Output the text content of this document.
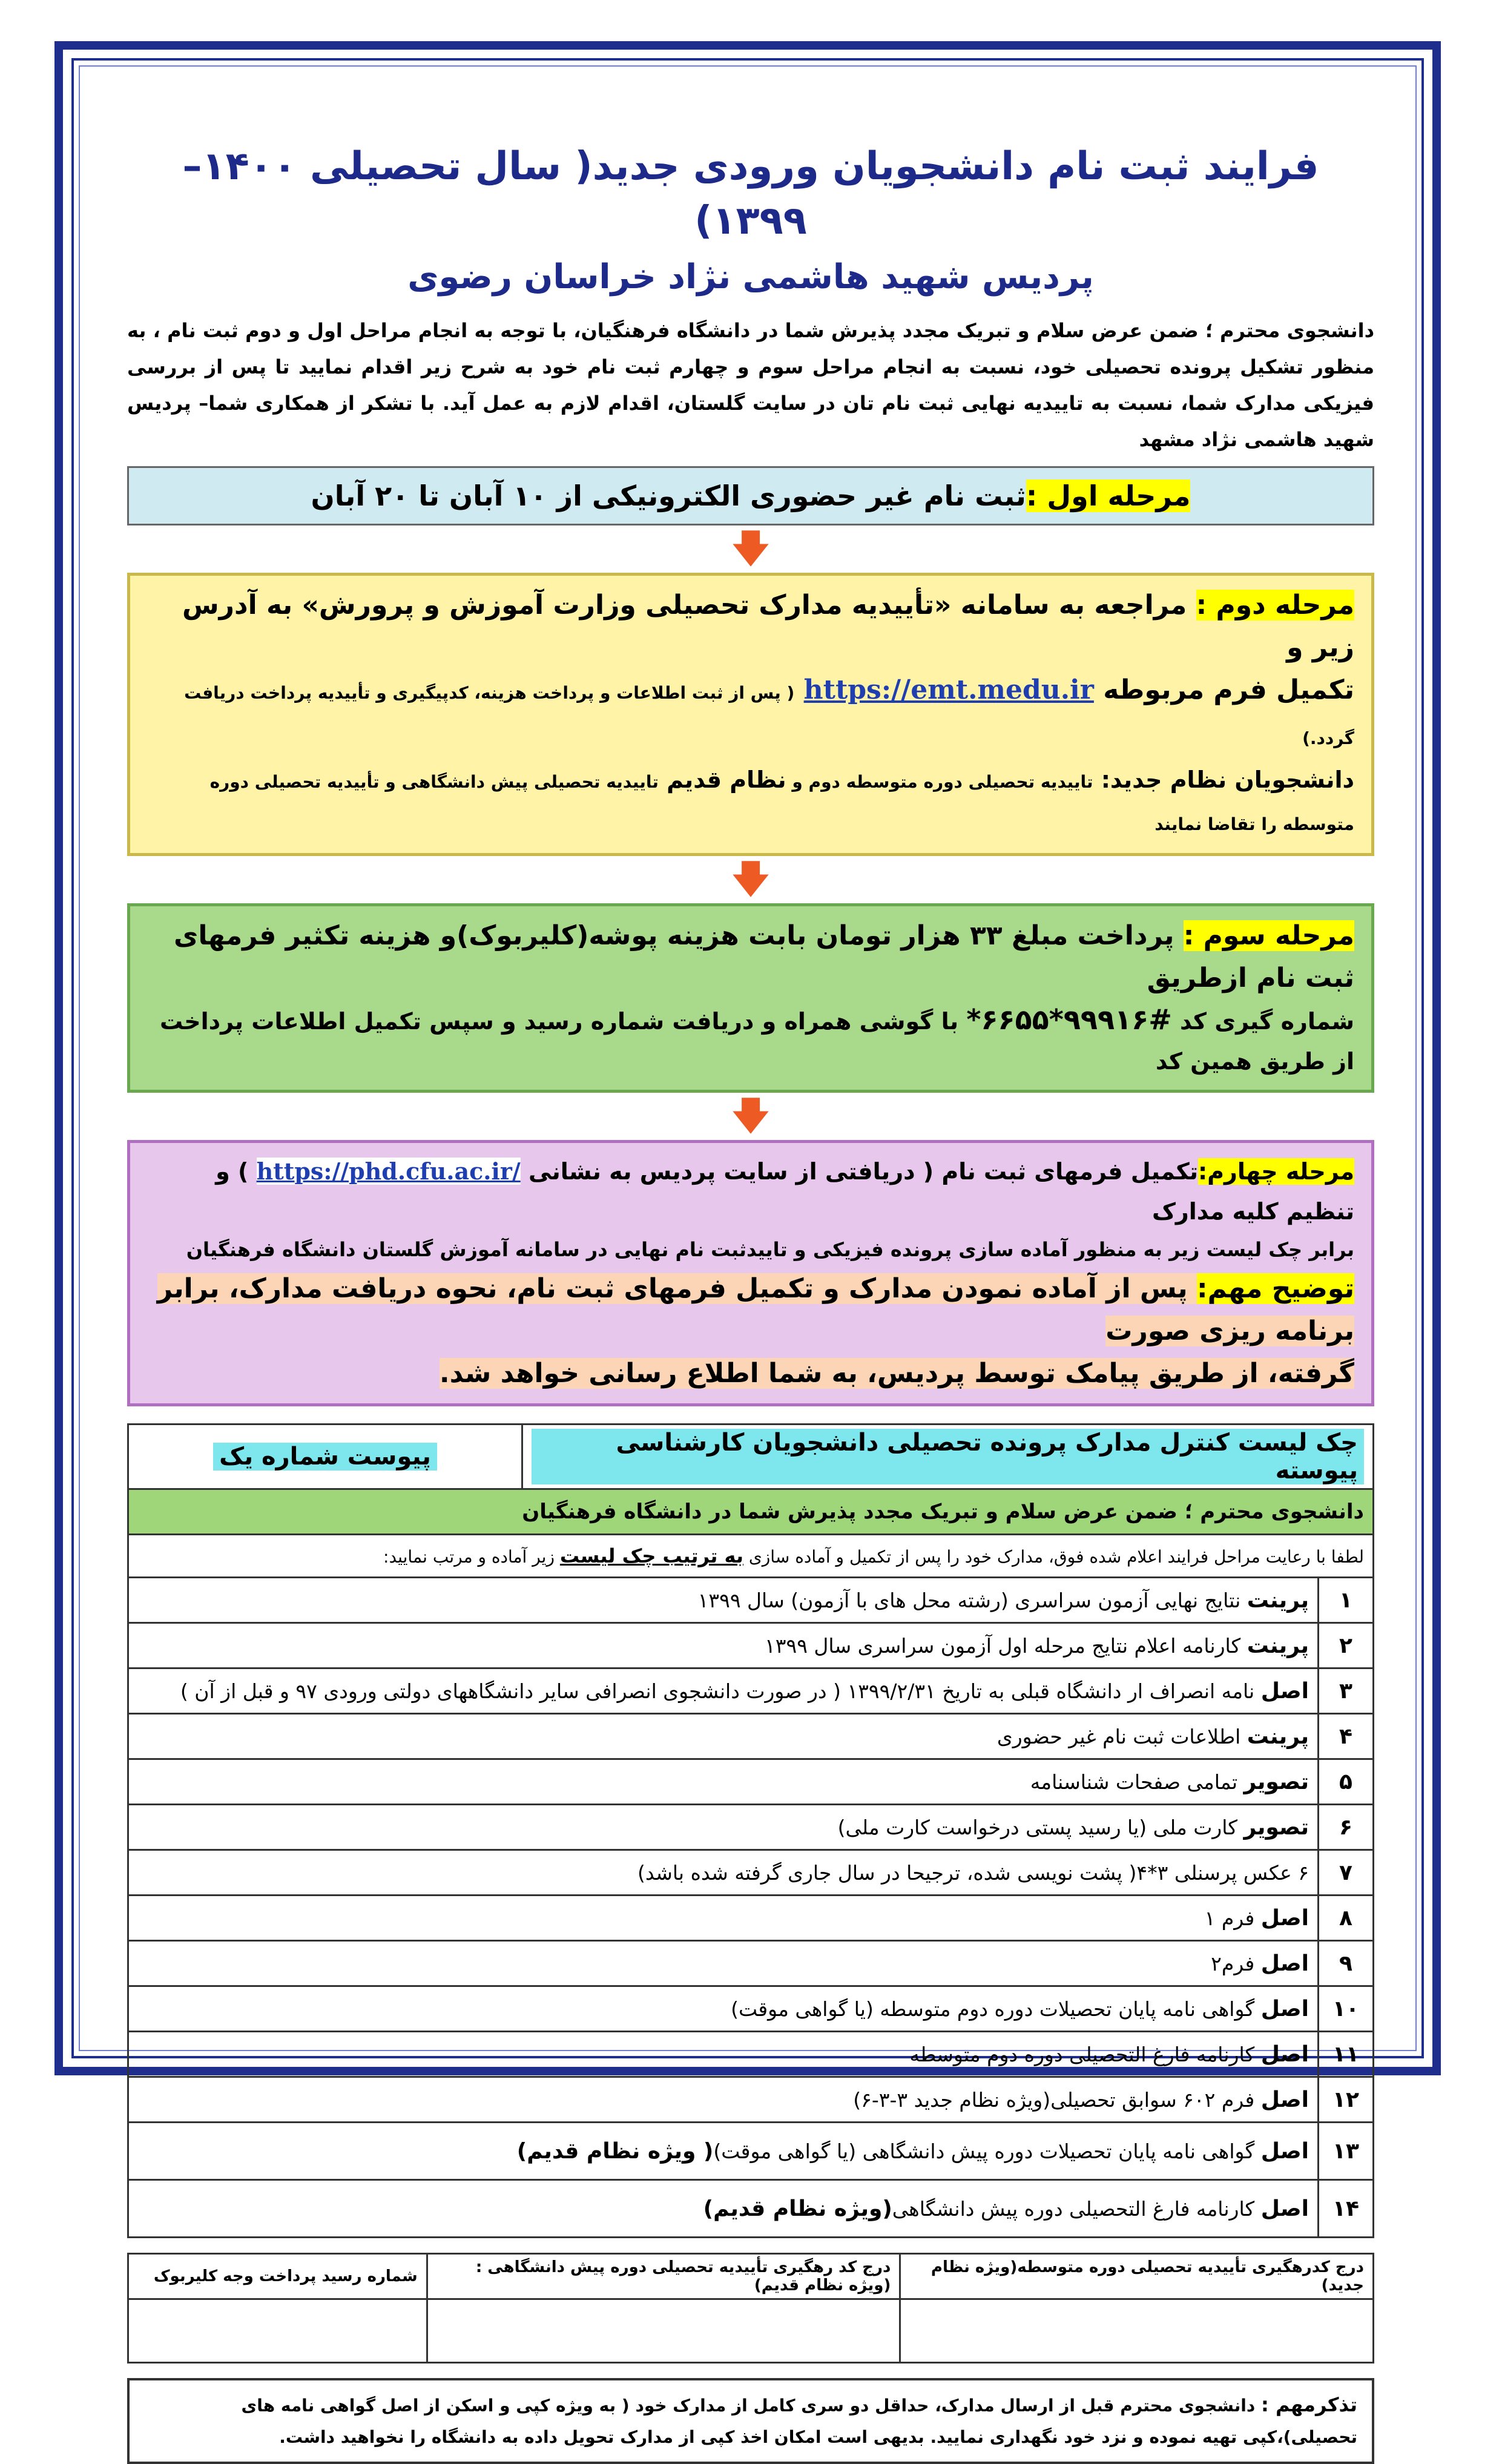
فرایند ثبت نام دانشجویان ورودی جدید( سال تحصیلی ۱۴۰۰– ۱۳۹۹)
پردیس شهید هاشمی نژاد خراسان رضوی
دانشجوی محترم ؛ ضمن عرض سلام و تبریک مجدد پذیرش شما در دانشگاه فرهنگیان، با توجه به انجام مراحل اول و دوم ثبت نام ، به منظور تشکیل پرونده تحصیلی خود، نسبت به انجام مراحل سوم و چهارم ثبت نام خود به شرح زیر اقدام نمایید تا پس از بررسی فیزیکی مدارک شما، نسبت به تاییدیه نهایی ثبت نام تان در سایت گلستان، اقدام لازم به عمل آید. با تشکر از همکاری شما– پردیس شهید هاشمی نژاد مشهد
مرحله اول :ثبت نام غیر حضوری الکترونیکی از ۱۰ آبان تا ۲۰ آبان
🡇
مرحله دوم : مراجعه به سامانه «تأییدیه مدارک تحصیلی وزارت آموزش و پرورش» به آدرس زیر و
تکمیل فرم مربوطه https://emt.medu.ir ( پس از ثبت اطلاعات و پرداخت هزینه، کدپیگیری و تأییدیه پرداخت دریافت گردد.)
دانشجویان نظام جدید: تاییدیه تحصیلی دوره متوسطه دوم و نظام قدیم تاییدیه تحصیلی پیش دانشگاهی و تأییدیه تحصیلی دوره متوسطه را تقاضا نمایند
🡇
مرحله سوم : پرداخت مبلغ ۳۳ هزار تومان بابت هزینه پوشه(کلیربوک)و هزینه تکثیر فرمهای ثبت نام ازطریق
شماره گیری کد #۹۹۹۱۶*۶۶۵۵* با گوشی همراه و دریافت شماره رسید و سپس تکمیل اطلاعات پرداخت از طریق همین کد
🡇
مرحله چهارم:تکمیل فرمهای ثبت نام ( دریافتی از سایت پردیس به نشانی https://phd.cfu.ac.ir/ ) و تنظیم کلیه مدارک
برابر چک لیست زیر به منظور آماده سازی پرونده فیزیکی و تاییدثبت نام نهایی در سامانه آموزش گلستان دانشگاه فرهنگیان
توضیح مهم: پس از آماده نمودن مدارک و تکمیل فرمهای ثبت نام، نحوه دریافت مدارک، برابر برنامه ریزی صورت
گرفته، از طریق پیامک توسط پردیس، به شما اطلاع رسانی خواهد شد.
چک لیست کنترل مدارک پرونده تحصیلی دانشجویان کارشناسی پیوسته		پیوست شماره یک
دانشجوی محترم ؛ ضمن عرض سلام و تبریک مجدد پذیرش شما در دانشگاه فرهنگیان		
لطفا با رعایت مراحل فرایند اعلام شده فوق، مدارک خود را پس از تکمیل و آماده سازی به ترتیب چک لیست زیر آماده و مرتب نمایید:		
۱	پرینت نتایج نهایی آزمون سراسری (رشته محل های با آزمون) سال ۱۳۹۹	
۲	پرینت کارنامه اعلام نتایج مرحله اول آزمون سراسری سال ۱۳۹۹	
۳	اصل نامه انصراف ار دانشگاه قبلی به تاریخ ۱۳۹۹/۲/۳۱ ( در صورت دانشجوی انصرافی سایر دانشگاههای دولتی ورودی ۹۷ و قبل از آن )	
۴	پرینت اطلاعات ثبت نام غیر حضوری	
۵	تصویر تمامی صفحات شناسنامه	
۶	تصویر کارت ملی (یا رسید پستی درخواست کارت ملی)	
۷	۶ عکس پرسنلی ۳*۴( پشت نویسی شده، ترجیحا در سال جاری گرفته شده باشد)	
۸	اصل فرم ۱	
۹	اصل فرم۲	
۱۰	اصل گواهی نامه پایان تحصیلات دوره دوم متوسطه (یا گواهی موقت)	
۱۱	اصل کارنامه فارغ التحصیلی دوره دوم متوسطه	
۱۲	اصل فرم ۶۰۲ سوابق تحصیلی(ویژه نظام جدید ۳-۳-۶)	
۱۳	اصل گواهی نامه پایان تحصیلات دوره پیش دانشگاهی (یا گواهی موقت)( ویژه نظام قدیم)	
۱۴	اصل کارنامه فارغ التحصیلی دوره پیش دانشگاهی(ویژه نظام قدیم)	
درج کدرهگیری تأییدیه تحصیلی دوره متوسطه(ویژه نظام جدید)	درج کد رهگیری تأییدیه تحصیلی دوره پیش دانشگاهی : (ویژه نظام قدیم)	شماره رسید پرداخت وجه کلیربوک

تذکرمهم : دانشجوی محترم قبل از ارسال مدارک، حداقل دو سری کامل از مدارک خود ( به ویژه کپی و اسکن از اصل گواهی نامه های تحصیلی)،کپی تهیه نموده و نزد خود نگهداری نمایید. بدیهی است امکان اخذ کپی از مدارک تحویل داده به دانشگاه را نخواهید داشت.
